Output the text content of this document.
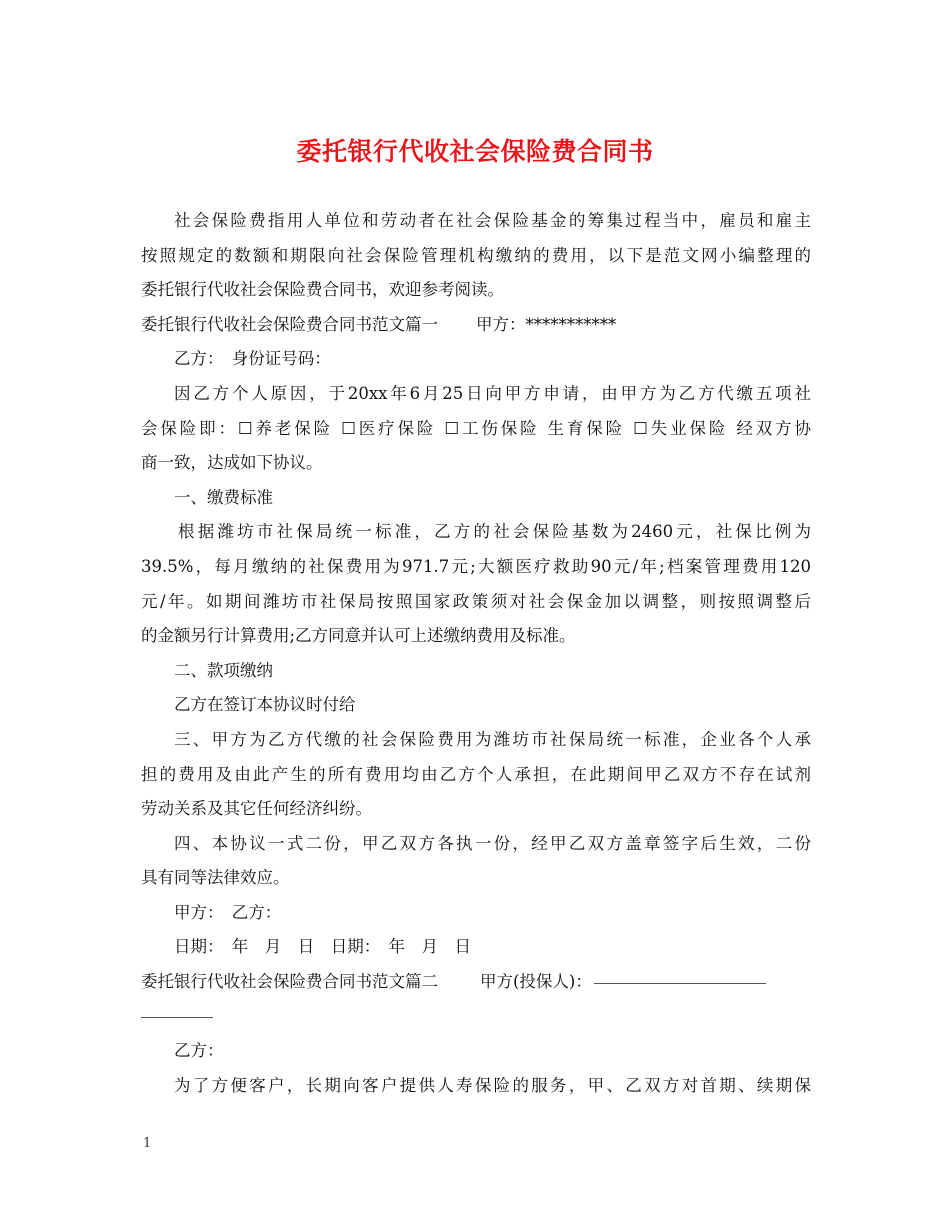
委托银行代收社会保险费合同书
社会保险费指用人单位和劳动者在社会保险基金的筹集过程当中，雇员和雇主
按照规定的数额和期限向社会保险管理机构缴纳的费用，以下是范文网小编整理的
委托银行代收社会保险费合同书，欢迎参考阅读。
委托银行代收社会保险费合同书范文篇一 甲方：***********
乙方：　身份证号码：
因乙方个人原因，于20xx年6月25日向甲方申请，由甲方为乙方代缴五项社
会保险即：☐养老保险 ☐医疗保险 ☐工伤保险 生育保险 ☐失业保险 经双方协
商一致，达成如下协议。
一、缴费标准
根据潍坊市社保局统一标准，乙方的社会保险基数为2460元，社保比例为
39.5%，每月缴纳的社保费用为971.7元;大额医疗救助90元/年;档案管理费用120
元/年。如期间潍坊市社保局按照国家政策须对社会保金加以调整，则按照调整后
的金额另行计算费用;乙方同意并认可上述缴纳费用及标准。
二、款项缴纳
乙方在签订本协议时付给
三、甲方为乙方代缴的社会保险费用为潍坊市社保局统一标准，企业各个人承
担的费用及由此产生的所有费用均由乙方个人承担，在此期间甲乙双方不存在试剂
劳动关系及其它任何经济纠纷。
四、本协议一式二份，甲乙双方各执一份，经甲乙双方盖章签字后生效，二份
具有同等法律效应。
甲方：　乙方：
日期：　年　月　日　日期：　年　月　日
委托银行代收社会保险费合同书范文篇二	甲方(投保人)：
乙方：
为了方便客户，长期向客户提供人寿保险的服务，甲、乙双方对首期、续期保
1
